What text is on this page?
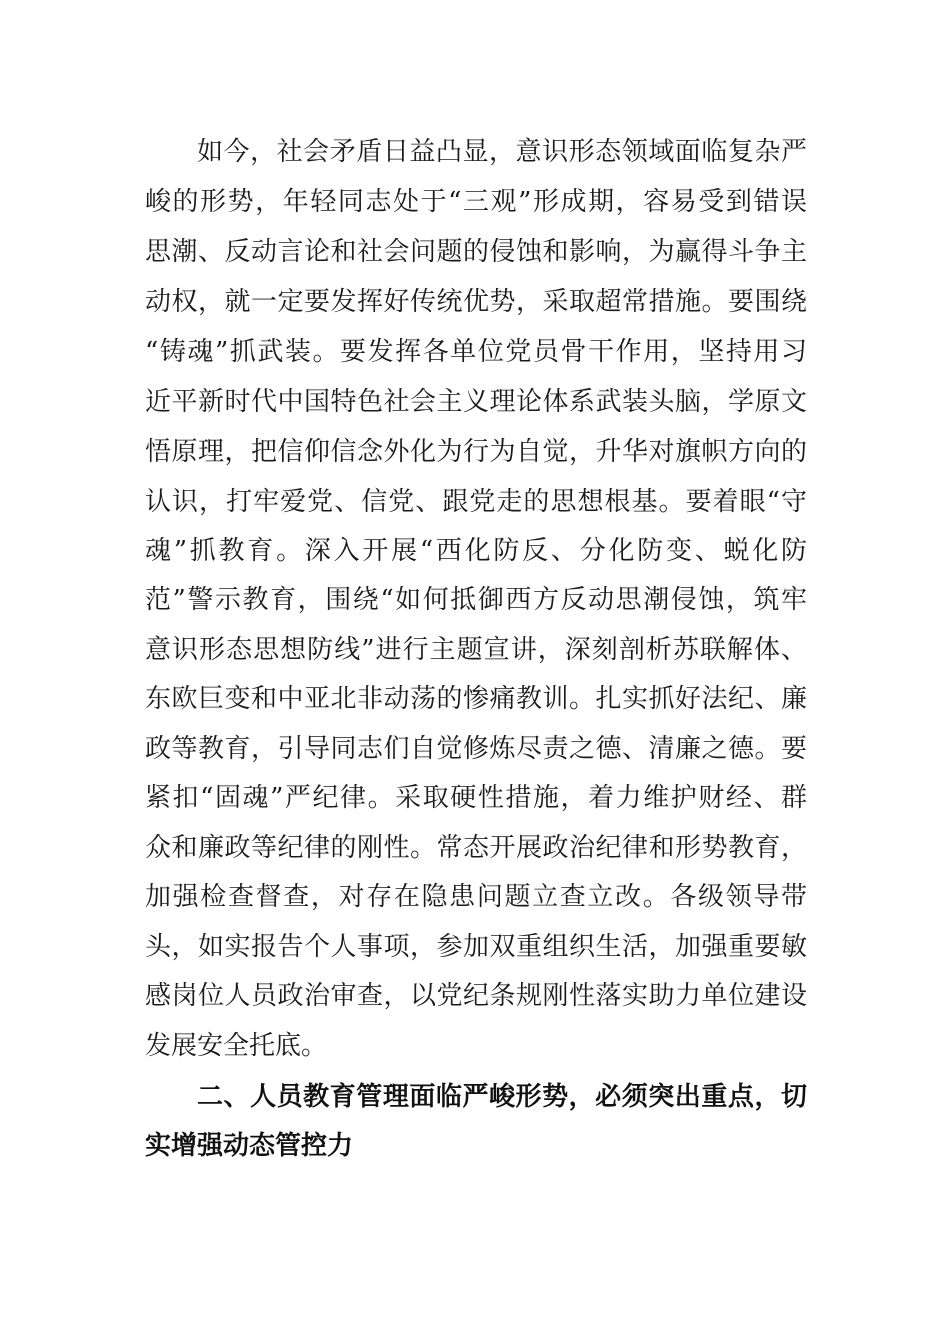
如今，社会矛盾日益凸显，意识形态领域面临复杂严
峻的形势，年轻同志处于“三观”形成期，容易受到错误
思潮、反动言论和社会问题的侵蚀和影响，为赢得斗争主
动权，就一定要发挥好传统优势，采取超常措施。要围绕
“铸魂”抓武装。要发挥各单位党员骨干作用，坚持用习
近平新时代中国特色社会主义理论体系武装头脑，学原文
悟原理，把信仰信念外化为行为自觉，升华对旗帜方向的
认识，打牢爱党、信党、跟党走的思想根基。要着眼“守
魂”抓教育。深入开展“西化防反、分化防变、蜕化防
范”警示教育，围绕“如何抵御西方反动思潮侵蚀，筑牢
意识形态思想防线”进行主题宣讲，深刻剖析苏联解体、
东欧巨变和中亚北非动荡的惨痛教训。扎实抓好法纪、廉
政等教育，引导同志们自觉修炼尽责之德、清廉之德。要
紧扣“固魂”严纪律。采取硬性措施，着力维护财经、群
众和廉政等纪律的刚性。常态开展政治纪律和形势教育，
加强检查督查，对存在隐患问题立查立改。各级领导带
头，如实报告个人事项，参加双重组织生活，加强重要敏
感岗位人员政治审查，以党纪条规刚性落实助力单位建设
发展安全托底。
二、人员教育管理面临严峻形势，必须突出重点，切
实增强动态管控力
